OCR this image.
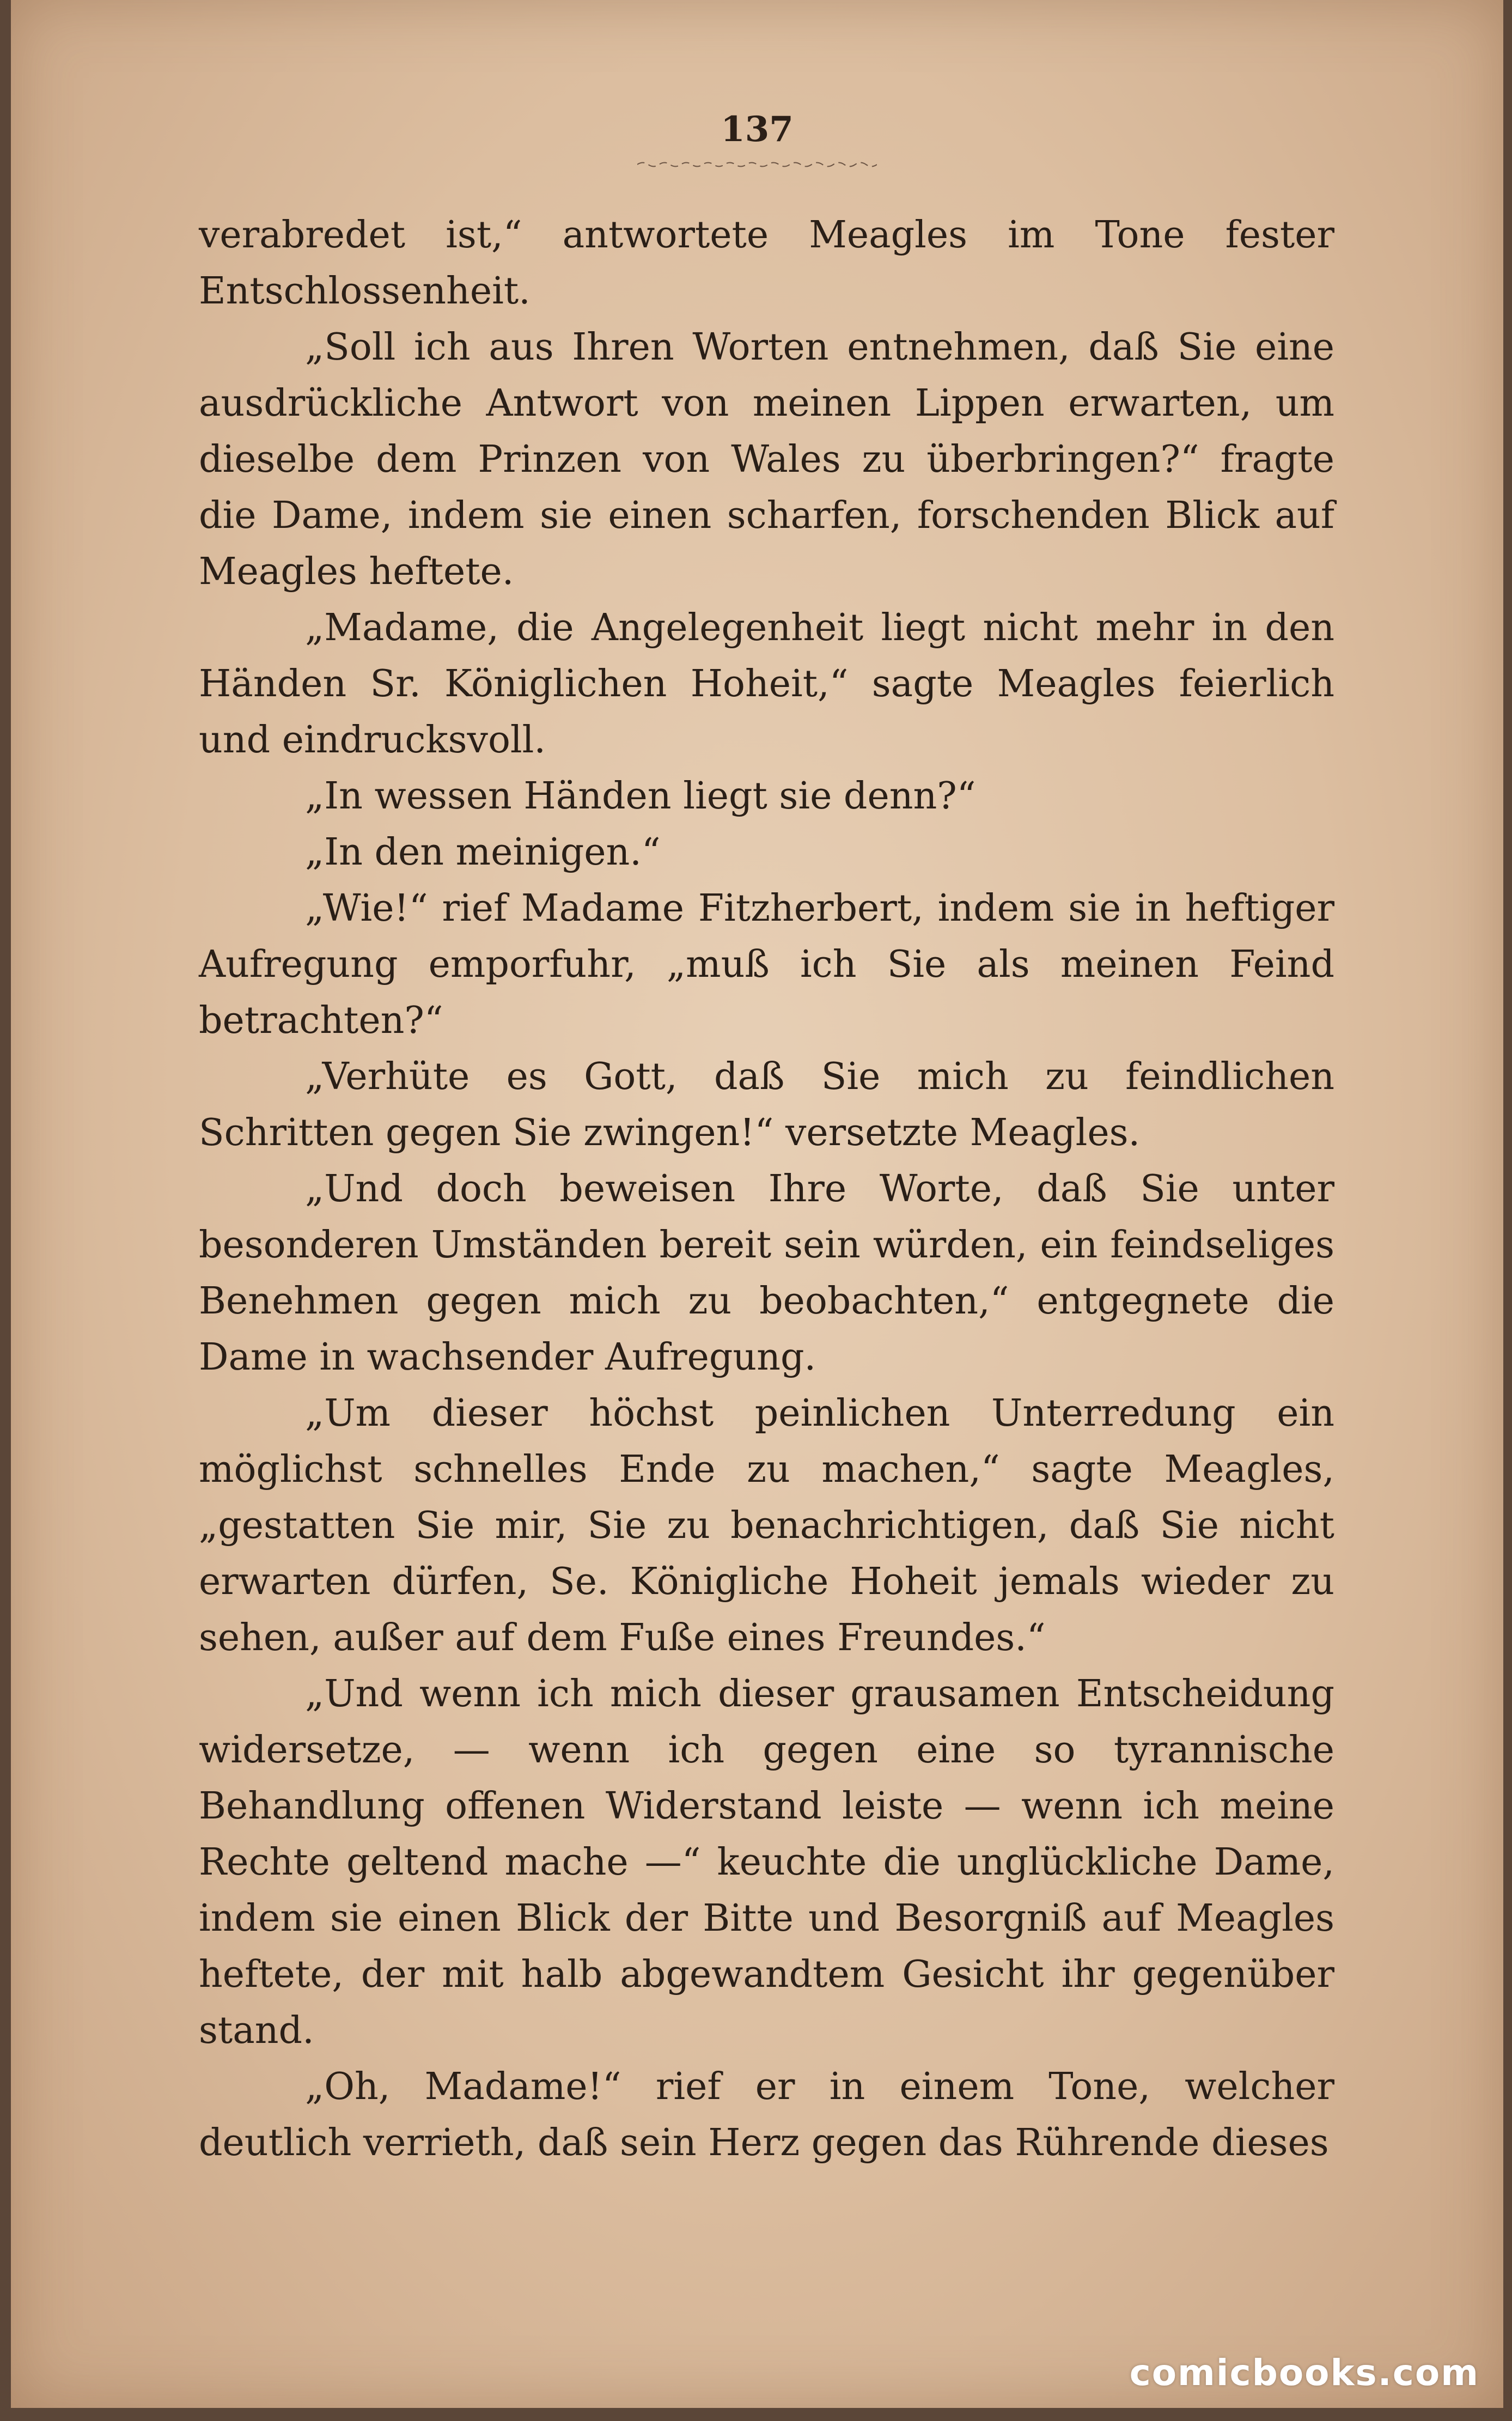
137

verabredet ist,“ antwortete Meagles im Tone fester Entschlossenheit.

„Soll ich aus Ihren Worten entnehmen, daß Sie eine ausdrückliche Antwort von meinen Lippen erwarten, um dieselbe dem Prinzen von Wales zu überbringen?“ fragte die Dame, indem sie einen scharfen, forschenden Blick auf Meagles heftete.

„Madame, die Angelegenheit liegt nicht mehr in den Händen Sr. Königlichen Hoheit,“ sagte Meagles feierlich und eindrucksvoll.

„In wessen Händen liegt sie denn?“

„In den meinigen.“

„Wie!“ rief Madame Fitzherbert, indem sie in heftiger Aufregung emporfuhr, „muß ich Sie als meinen Feind betrachten?“

„Verhüte es Gott, daß Sie mich zu feindlichen Schritten gegen Sie zwingen!“ versetzte Meagles.

„Und doch beweisen Ihre Worte, daß Sie unter besonderen Umständen bereit sein würden, ein feindseliges Benehmen gegen mich zu beobachten,“ entgegnete die Dame in wachsender Aufregung.

„Um dieser höchst peinlichen Unterredung ein möglichst schnelles Ende zu machen,“ sagte Meagles, „gestatten Sie mir, Sie zu benachrichtigen, daß Sie nicht erwarten dürfen, Se. Königliche Hoheit jemals wieder zu sehen, außer auf dem Fuße eines Freundes.“

„Und wenn ich mich dieser grausamen Entscheidung widersetze, — wenn ich gegen eine so tyrannische Behandlung offenen Widerstand leiste — wenn ich meine Rechte geltend mache —“ keuchte die unglückliche Dame, indem sie einen Blick der Bitte und Besorgniß auf Meagles heftete, der mit halb abgewandtem Gesicht ihr gegenüber stand.

„Oh, Madame!“ rief er in einem Tone, welcher deutlich verrieth, daß sein Herz gegen das Rührende dieses

comicbooks.com
